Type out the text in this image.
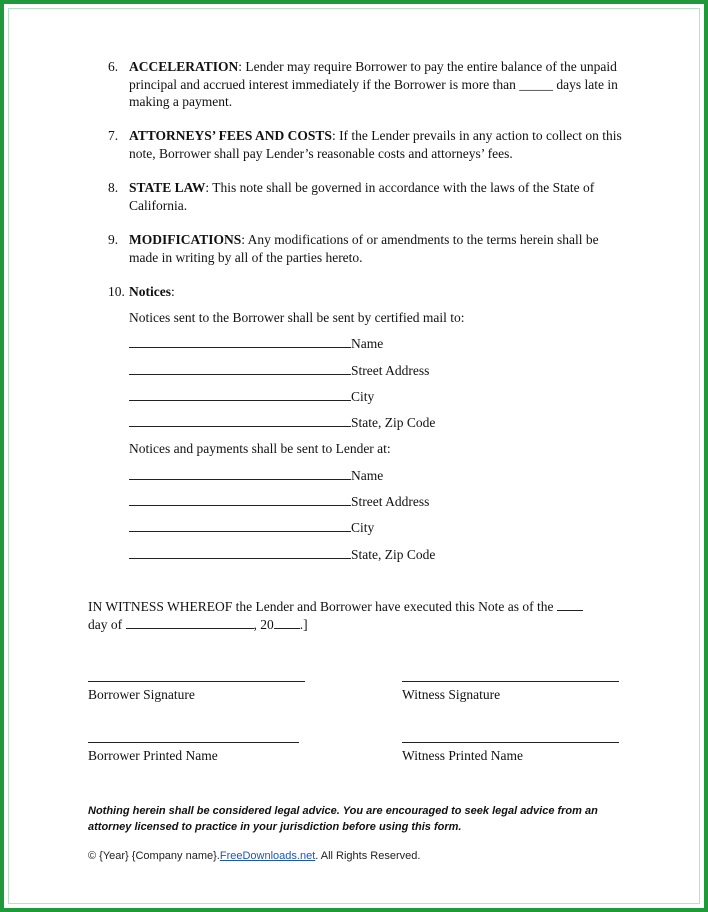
6. ACCELERATION: Lender may require Borrower to pay the entire balance of the unpaid principal and accrued interest immediately if the Borrower is more than _____ days late in making a payment.
7. ATTORNEYS’ FEES AND COSTS: If the Lender prevails in any action to collect on this note, Borrower shall pay Lender’s reasonable costs and attorneys’ fees.
8. STATE LAW: This note shall be governed in accordance with the laws of the State of California.
9. MODIFICATIONS: Any modifications of or amendments to the terms herein shall be made in writing by all of the parties hereto.
10. Notices:
Notices sent to the Borrower shall be sent by certified mail to:
Name
Street Address
City
State, Zip Code
Notices and payments shall be sent to Lender at:
Name
Street Address
City
State, Zip Code
IN WITNESS WHEREOF the Lender and Borrower have executed this Note as of the
day of	, 20 .]
Borrower Signature	Witness Signature
Borrower Printed Name	Witness Printed Name
Nothing herein shall be considered legal advice. You are encouraged to seek legal advice from an attorney licensed to practice in your jurisdiction before using this form.
© {Year} {Company name}.FreeDownloads.net. All Rights Reserved.
